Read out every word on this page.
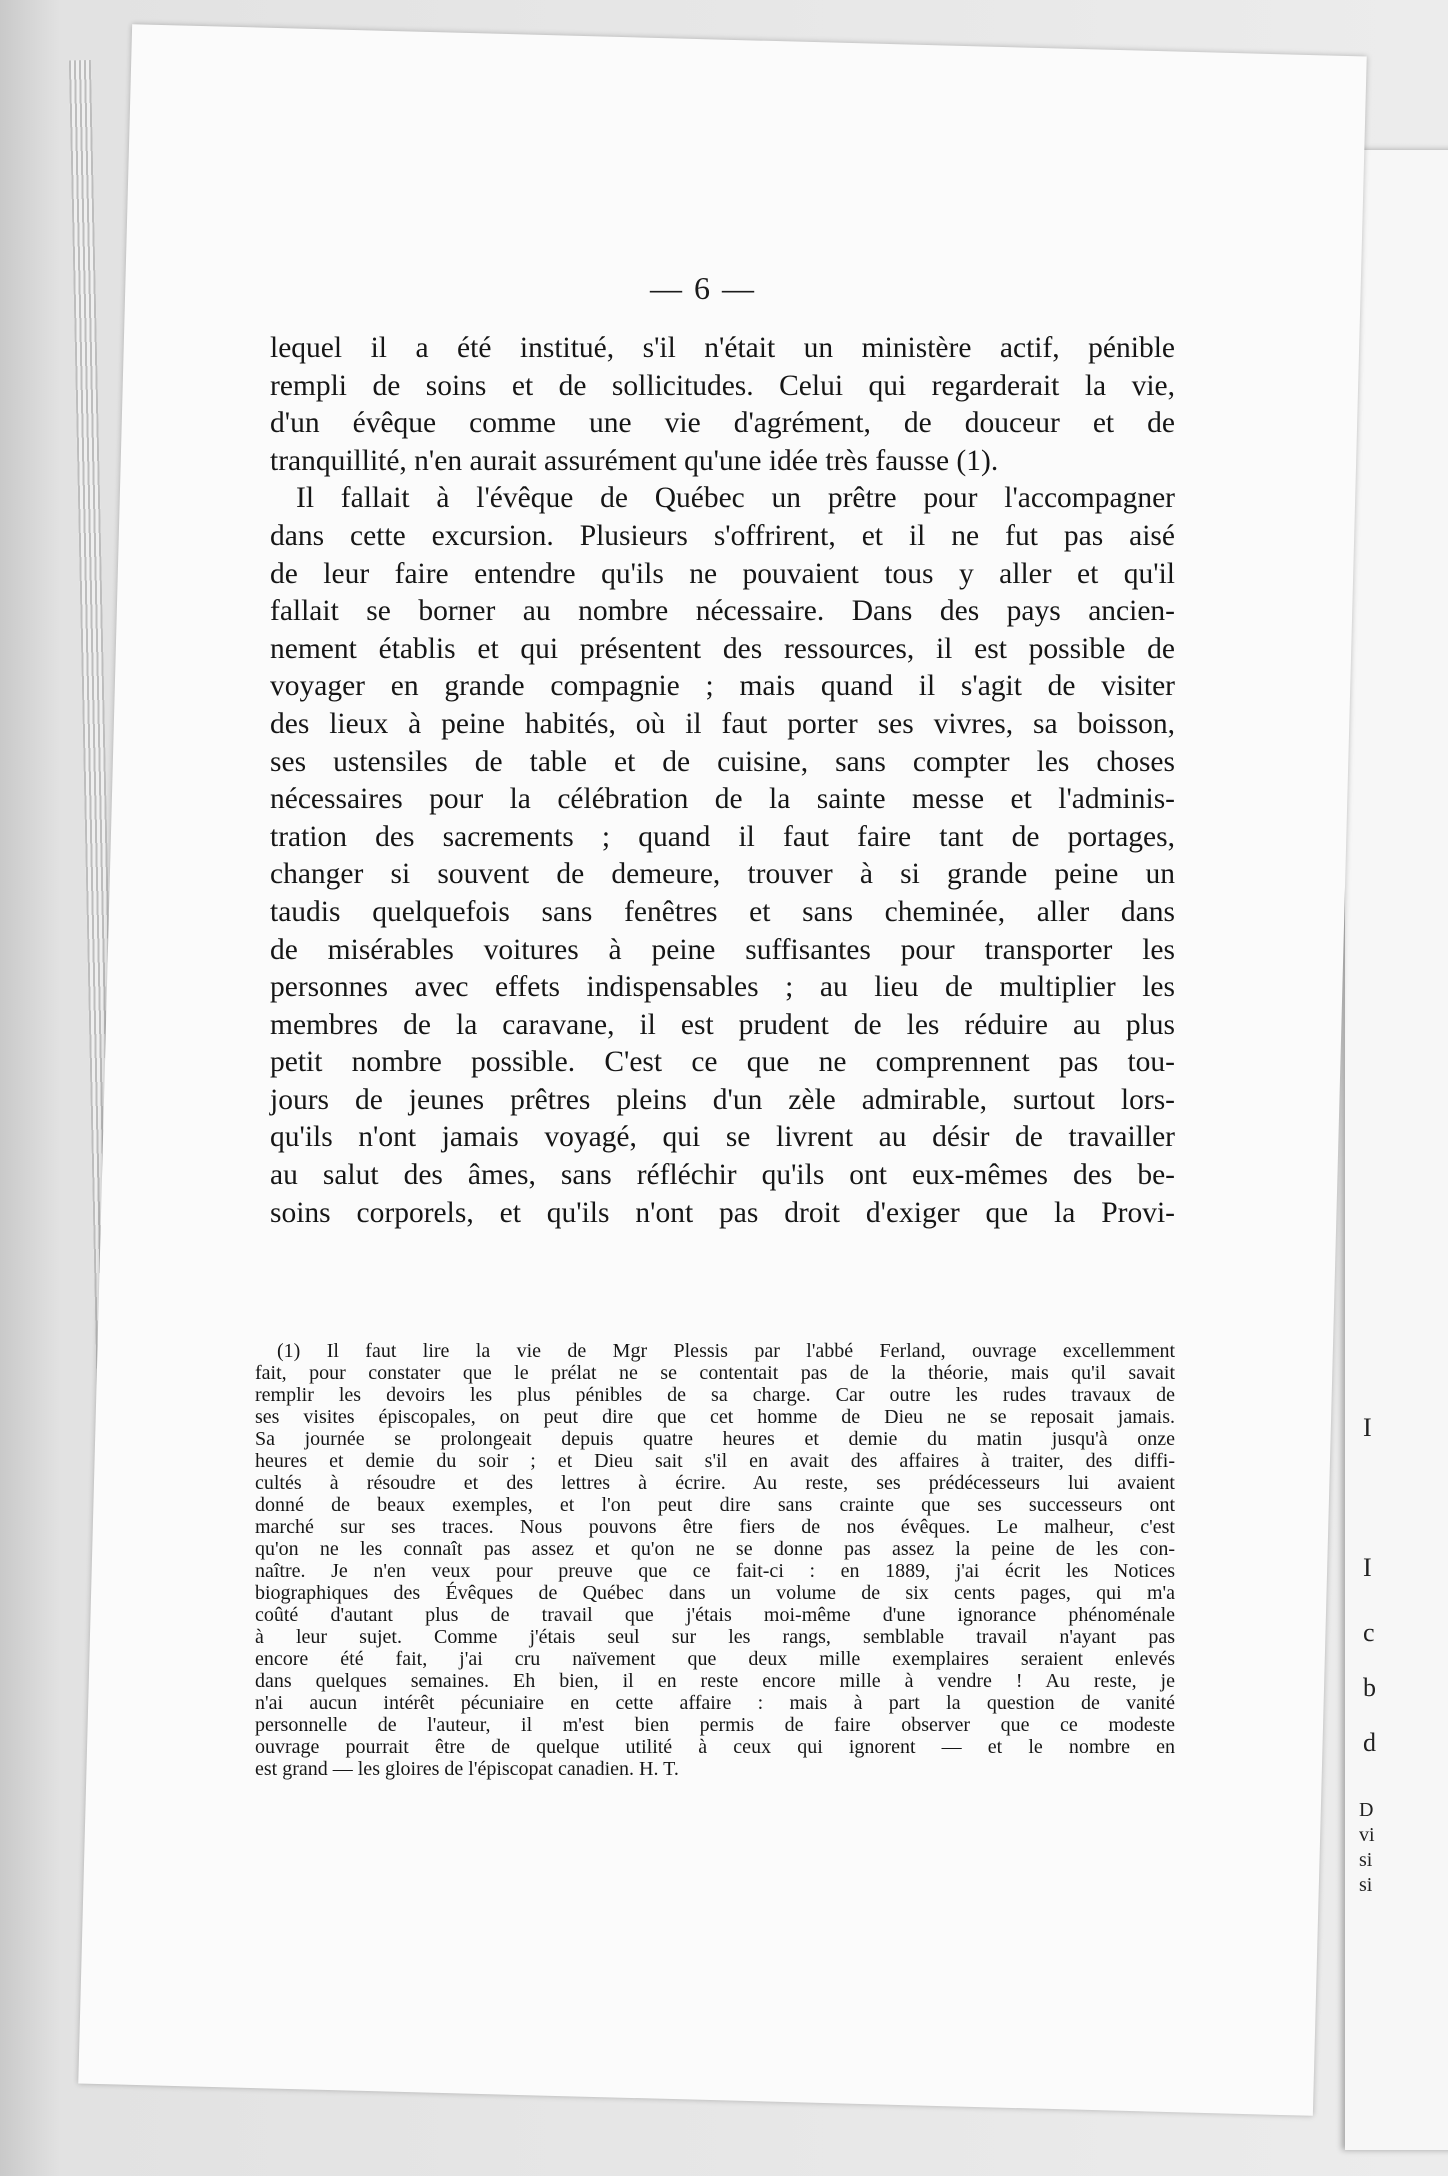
I
I
c
b
d
D
vi
si
si
— 6 —
lequel il a été institué, s'il n'était un ministère actif, pénible
rempli de soins et de sollicitudes. Celui qui regarderait la vie,
d'un évêque comme une vie d'agrément, de douceur et de
tranquillité, n'en aurait assurément qu'une idée très fausse (1).
Il fallait à l'évêque de Québec un prêtre pour l'accompagner
dans cette excursion. Plusieurs s'offrirent, et il ne fut pas aisé
de leur faire entendre qu'ils ne pouvaient tous y aller et qu'il
fallait se borner au nombre nécessaire. Dans des pays ancien-
nement établis et qui présentent des ressources, il est possible de
voyager en grande compagnie ; mais quand il s'agit de visiter
des lieux à peine habités, où il faut porter ses vivres, sa boisson,
ses ustensiles de table et de cuisine, sans compter les choses
nécessaires pour la célébration de la sainte messe et l'adminis-
tration des sacrements ; quand il faut faire tant de portages,
changer si souvent de demeure, trouver à si grande peine un
taudis quelquefois sans fenêtres et sans cheminée, aller dans
de misérables voitures à peine suffisantes pour transporter les
personnes avec effets indispensables ; au lieu de multiplier les
membres de la caravane, il est prudent de les réduire au plus
petit nombre possible. C'est ce que ne comprennent pas tou-
jours de jeunes prêtres pleins d'un zèle admirable, surtout lors-
qu'ils n'ont jamais voyagé, qui se livrent au désir de travailler
au salut des âmes, sans réfléchir qu'ils ont eux-mêmes des be-
soins corporels, et qu'ils n'ont pas droit d'exiger que la Provi-
(1) Il faut lire la vie de Mgr Plessis par l'abbé Ferland, ouvrage excellemment
fait, pour constater que le prélat ne se contentait pas de la théorie, mais qu'il savait
remplir les devoirs les plus pénibles de sa charge. Car outre les rudes travaux de
ses visites épiscopales, on peut dire que cet homme de Dieu ne se reposait jamais.
Sa journée se prolongeait depuis quatre heures et demie du matin jusqu'à onze
heures et demie du soir ; et Dieu sait s'il en avait des affaires à traiter, des diffi-
cultés à résoudre et des lettres à écrire. Au reste, ses prédécesseurs lui avaient
donné de beaux exemples, et l'on peut dire sans crainte que ses successeurs ont
marché sur ses traces. Nous pouvons être fiers de nos évêques. Le malheur, c'est
qu'on ne les connaît pas assez et qu'on ne se donne pas assez la peine de les con-
naître. Je n'en veux pour preuve que ce fait-ci : en 1889, j'ai écrit les Notices
biographiques des Évêques de Québec dans un volume de six cents pages, qui m'a
coûté d'autant plus de travail que j'étais moi-même d'une ignorance phénoménale
à leur sujet. Comme j'étais seul sur les rangs, semblable travail n'ayant pas
encore été fait, j'ai cru naïvement que deux mille exemplaires seraient enlevés
dans quelques semaines. Eh bien, il en reste encore mille à vendre ! Au reste, je
n'ai aucun intérêt pécuniaire en cette affaire : mais à part la question de vanité
personnelle de l'auteur, il m'est bien permis de faire observer que ce modeste
ouvrage pourrait être de quelque utilité à ceux qui ignorent — et le nombre en
est grand — les gloires de l'épiscopat canadien. H. T.
